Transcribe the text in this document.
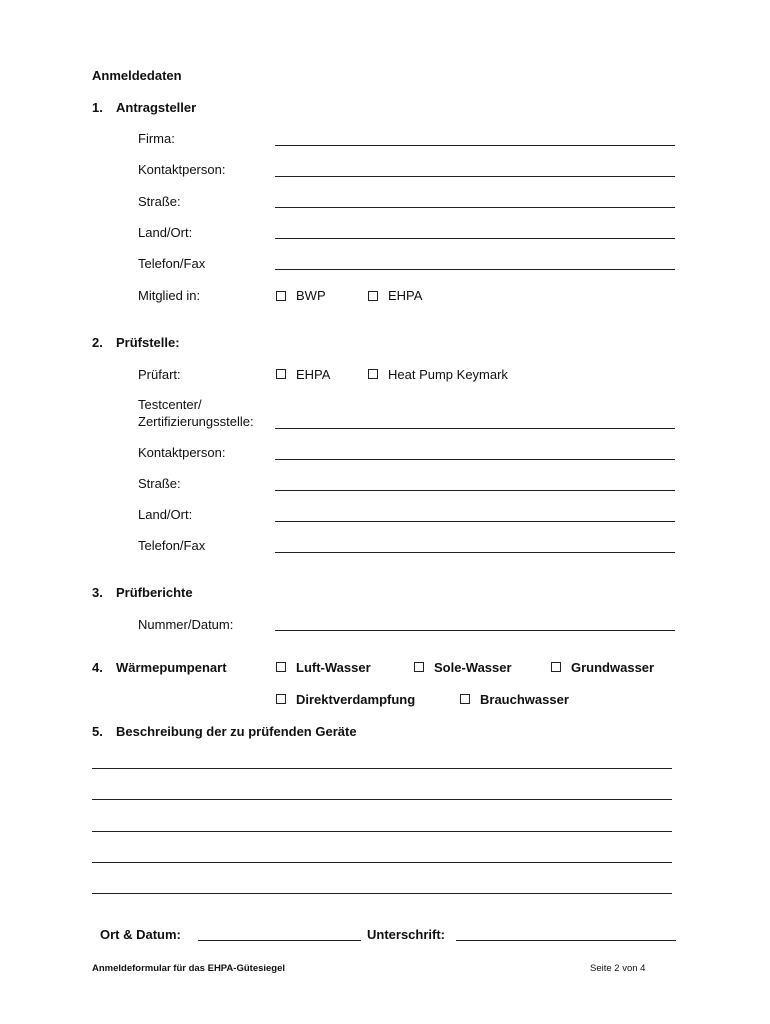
Anmeldedaten
1. Antragsteller
Firma:
Kontaktperson:
Straße:
Land/Ort:
Telefon/Fax
Mitglied in:	BWP	EHPA
2. Prüfstelle:
Prüfart:	EHPA	Heat Pump Keymark
Testcenter/
Zertifizierungsstelle:
Kontaktperson:
Straße:
Land/Ort:
Telefon/Fax
3. Prüfberichte
Nummer/Datum:
4. Wärmepumpenart	Luft-Wasser	Sole-Wasser	Grundwasser
Direktverdampfung	Brauchwasser
5. Beschreibung der zu prüfenden Geräte
Ort & Datum:	Unterschrift:
Anmeldeformular für das EHPA-Gütesiegel	Seite 2 von 4
